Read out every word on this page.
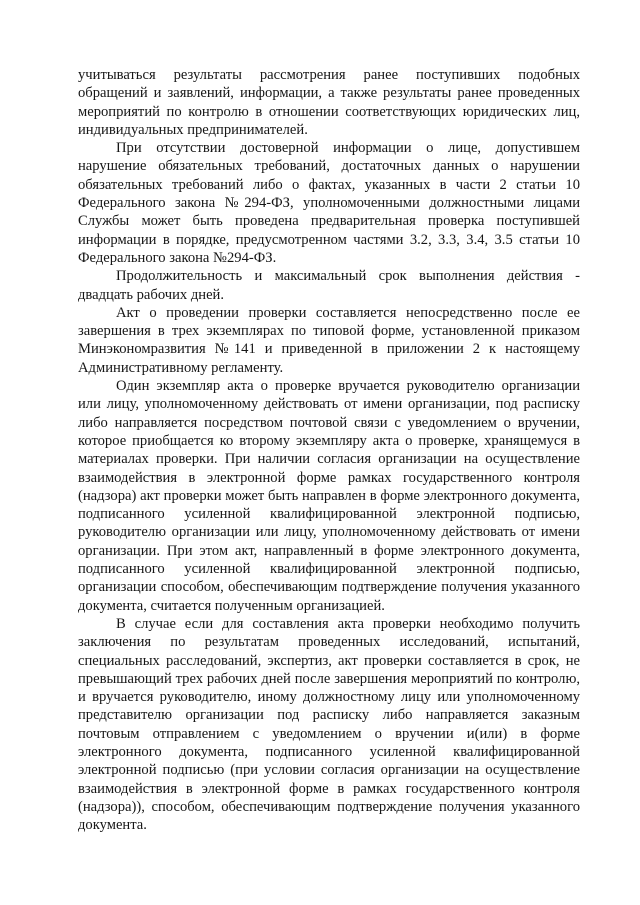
учитываться результаты рассмотрения ранее поступивших подобных обращений и заявлений, информации, а также результаты ранее проведенных мероприятий по контролю в отношении соответствующих юридических лиц, индивидуальных предпринимателей.

При отсутствии достоверной информации о лице, допустившем нарушение обязательных требований, достаточных данных о нарушении обязательных требований либо о фактах, указанных в части 2 статьи 10 Федерального закона №294-ФЗ, уполномоченными должностными лицами Службы может быть проведена предварительная проверка поступившей информации в порядке, предусмотренном частями 3.2, 3.3, 3.4, 3.5 статьи 10 Федерального закона №294-ФЗ.

Продолжительность и максимальный срок выполнения действия - двадцать рабочих дней.

Акт о проведении проверки составляется непосредственно после ее завершения в трех экземплярах по типовой форме, установленной приказом Минэкономразвития №141 и приведенной в приложении 2 к настоящему Административному регламенту.

Один экземпляр акта о проверке вручается руководителю организации или лицу, уполномоченному действовать от имени организации, под расписку либо направляется посредством почтовой связи с уведомлением о вручении, которое приобщается ко второму экземпляру акта о проверке, хранящемуся в материалах проверки. При наличии согласия организации на осуществление взаимодействия в электронной форме рамках государственного контроля (надзора) акт проверки может быть направлен в форме электронного документа, подписанного усиленной квалифицированной электронной подписью, руководителю организации или лицу, уполномоченному действовать от имени организации. При этом акт, направленный в форме электронного документа, подписанного усиленной квалифицированной электронной подписью, организации способом, обеспечивающим подтверждение получения указанного документа, считается полученным организацией.

В случае если для составления акта проверки необходимо получить заключения по результатам проведенных исследований, испытаний, специальных расследований, экспертиз, акт проверки составляется в срок, не превышающий трех рабочих дней после завершения мероприятий по контролю, и вручается руководителю, иному должностному лицу или уполномоченному представителю организации под расписку либо направляется заказным почтовым отправлением с уведомлением о вручении и(или) в форме электронного документа, подписанного усиленной квалифицированной электронной подписью (при условии согласия организации на осуществление взаимодействия в электронной форме в рамках государственного контроля (надзора)), способом, обеспечивающим подтверждение получения указанного документа.
